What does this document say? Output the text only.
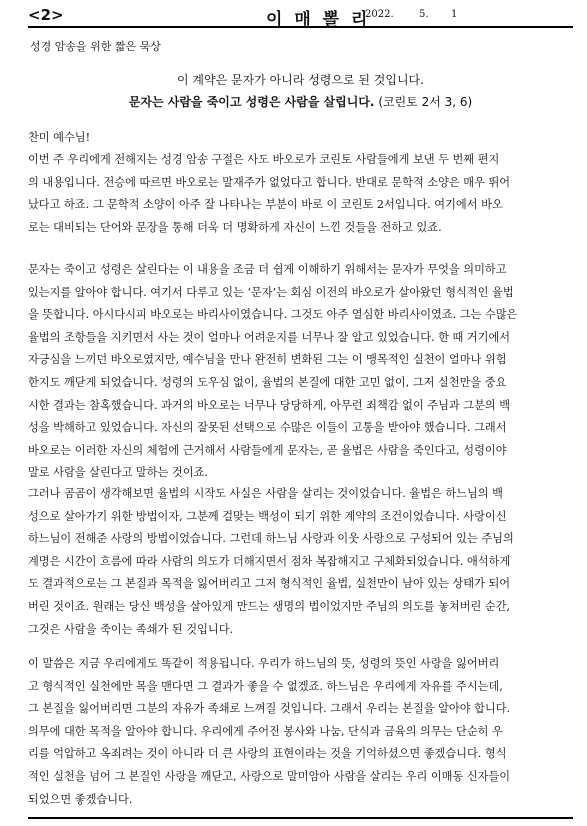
<2>	이 매 뽈 리
2022.	5. 1
성경 암송을 위한 짧은 묵상
이 계약은 문자가 아니라 성령으로 된 것입니다.
문자는 사람을 죽이고 성령은 사람을 살립니다. (코린토 2서 3, 6)
찬미 예수님!
이번 주 우리에게 전해지는 성경 암송 구절은 사도 바오로가 코린토 사람들에게 보낸 두 번째 편지
의 내용입니다. 전승에 따르면 바오로는 말재주가 없었다고 합니다. 반대로 문학적 소양은 매우 뛰어
났다고 하죠. 그 문학적 소양이 아주 잘 나타나는 부분이 바로 이 코린토 2서입니다. 여기에서 바오
로는 대비되는 단어와 문장을 통해 더욱 더 명확하게 자신이 느낀 것들을 전하고 있죠.
문자는 죽이고 성령은 살린다는 이 내용을 조금 더 쉽게 이해하기 위해서는 문자가 무엇을 의미하고
있는지를 알아야 합니다. 여기서 다루고 있는 ‘문자’는 회심 이전의 바오로가 살아왔던 형식적인 율법
을 뜻합니다. 아시다시피 바오로는 바리사이였습니다. 그것도 아주 열심한 바리사이였죠. 그는 수많은
율법의 조항들을 지키면서 사는 것이 얼마나 어려운지를 너무나 잘 알고 있었습니다. 한 때 거기에서
자긍심을 느끼던 바오로였지만, 예수님을 만나 완전히 변화된 그는 이 맹목적인 실천이 얼마나 위험
한지도 깨닫게 되었습니다. 성령의 도우심 없이, 율법의 본질에 대한 고민 없이, 그저 실천만을 중요
시한 결과는 참혹했습니다. 과거의 바오로는 너무나 당당하게, 아무런 죄책감 없이 주님과 그분의 백
성을 박해하고 있었습니다. 자신의 잘못된 선택으로 수많은 이들이 고통을 받아야 했습니다. 그래서
바오로는 이러한 자신의 체험에 근거해서 사람들에게 문자는, 곧 율법은 사람을 죽인다고, 성령이야
말로 사람을 살린다고 말하는 것이죠.
그러나 곰곰이 생각해보면 율법의 시작도 사실은 사람을 살리는 것이었습니다. 율법은 하느님의 백
성으로 살아가기 위한 방법이자, 그분께 걸맞는 백성이 되기 위한 계약의 조건이었습니다. 사랑이신
하느님이 전해준 사랑의 방법이었습니다. 그런데 하느님 사랑과 이웃 사랑으로 구성되어 있는 주님의
계명은 시간이 흐름에 따라 사람의 의도가 더해지면서 점차 복잡해지고 구체화되었습니다. 애석하게
도 결과적으로는 그 본질과 목적을 잃어버리고 그저 형식적인 율법, 실천만이 남아 있는 상태가 되어
버린 것이죠. 원래는 당신 백성을 살아있게 만드는 생명의 법이었지만 주님의 의도를 놓쳐버린 순간,
그것은 사람을 죽이는 족쇄가 된 것입니다.
이 말씀은 지금 우리에게도 똑같이 적용됩니다. 우리가 하느님의 뜻, 성령의 뜻인 사랑을 잃어버리
고 형식적인 실천에만 목을 맨다면 그 결과가 좋을 수 없겠죠. 하느님은 우리에게 자유를 주시는데,
그 본질을 잃어버리면 그분의 자유가 족쇄로 느껴질 것입니다. 그래서 우리는 본질을 알아야 합니다.
의무에 대한 목적을 알아야 합니다. 우리에게 주어진 봉사와 나눔, 단식과 금육의 의무는 단순히 우
리를 억압하고 옥죄려는 것이 아니라 더 큰 사랑의 표현이라는 것을 기억하셨으면 좋겠습니다. 형식
적인 실천을 넘어 그 본질인 사랑을 깨닫고, 사랑으로 말미암아 사람을 살리는 우리 이매동 신자들이
되었으면 좋겠습니다.
